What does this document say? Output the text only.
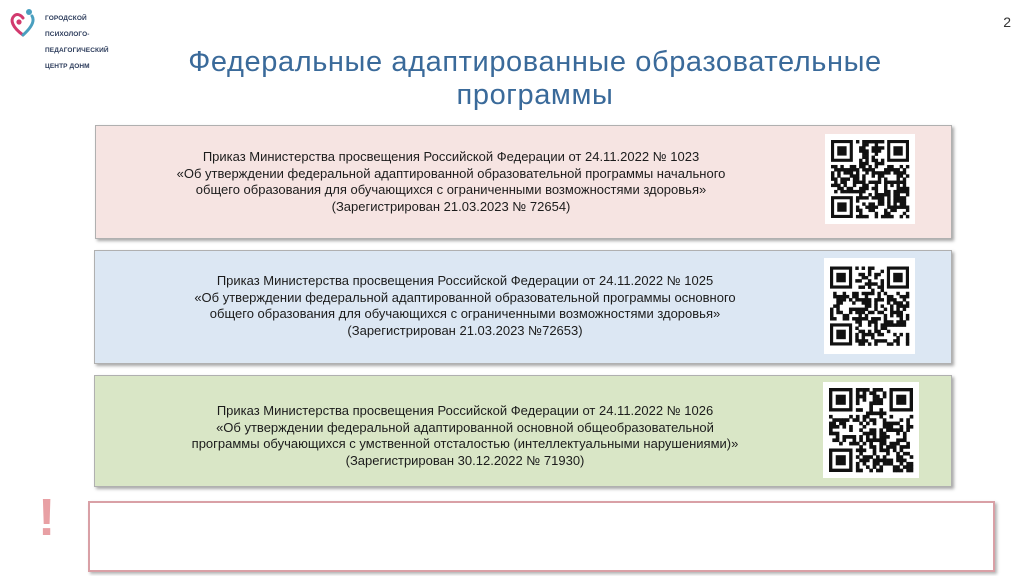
ГОРОДСКОЙ

ПСИХОЛОГО-

ПЕДАГОГИЧЕСКИЙ

ЦЕНТР ДОНМ

2
Федеральные адаптированные образовательные
программы
Приказ Министерства просвещения Российской Федерации от 24.11.2022 № 1023
«Об утверждении федеральной адаптированной образовательной программы начального
общего образования для обучающихся с ограниченными возможностями здоровья»
(Зарегистрирован 21.03.2023 № 72654)
Приказ Министерства просвещения Российской Федерации от 24.11.2022 № 1025
«Об утверждении федеральной адаптированной образовательной программы основного
общего образования для обучающихся с ограниченными возможностями здоровья»
(Зарегистрирован 21.03.2023 №72653)
Приказ Министерства просвещения Российской Федерации от 24.11.2022 № 1026
«Об утверждении федеральной адаптированной основной общеобразовательной
программы обучающихся с умственной отсталостью (интеллектуальными нарушениями)»
(Зарегистрирован 30.12.2022 № 71930)
!
